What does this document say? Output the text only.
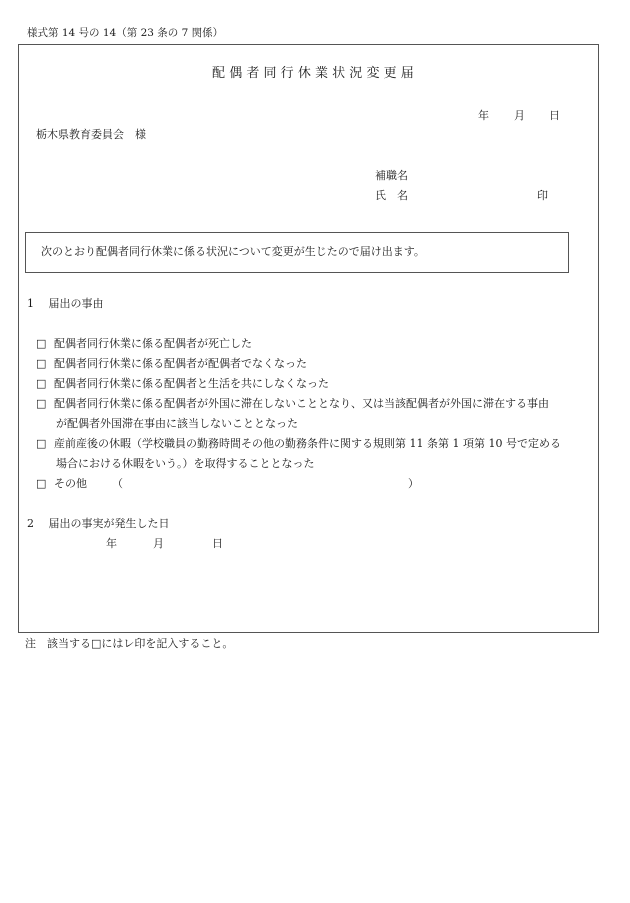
様式第 14 号の 14（第 23 条の 7 関係）
配偶者同行休業状況変更届
年 月 日
栃木県教育委員会　様
補職名
氏　名	印
次のとおり配偶者同行休業に係る状況について変更が生じたので届け出ます。
1　 届出の事由
□ 配偶者同行休業に係る配偶者が死亡した
□ 配偶者同行休業に係る配偶者が配偶者でなくなった
□ 配偶者同行休業に係る配偶者と生活を共にしなくなった
□ 配偶者同行休業に係る配偶者が外国に滞在しないこととなり、又は当該配偶者が外国に滞在する事由
が配偶者外国滞在事由に該当しないこととなった
□ 産前産後の休暇（学校職員の勤務時間その他の勤務条件に関する規則第 11 条第 1 項第 10 号で定める
場合における休暇をいう。）を取得することとなった
□ その他 （	）
2　 届出の事実が発生した日
年	月	日
注　該当する□にはレ印を記入すること。
